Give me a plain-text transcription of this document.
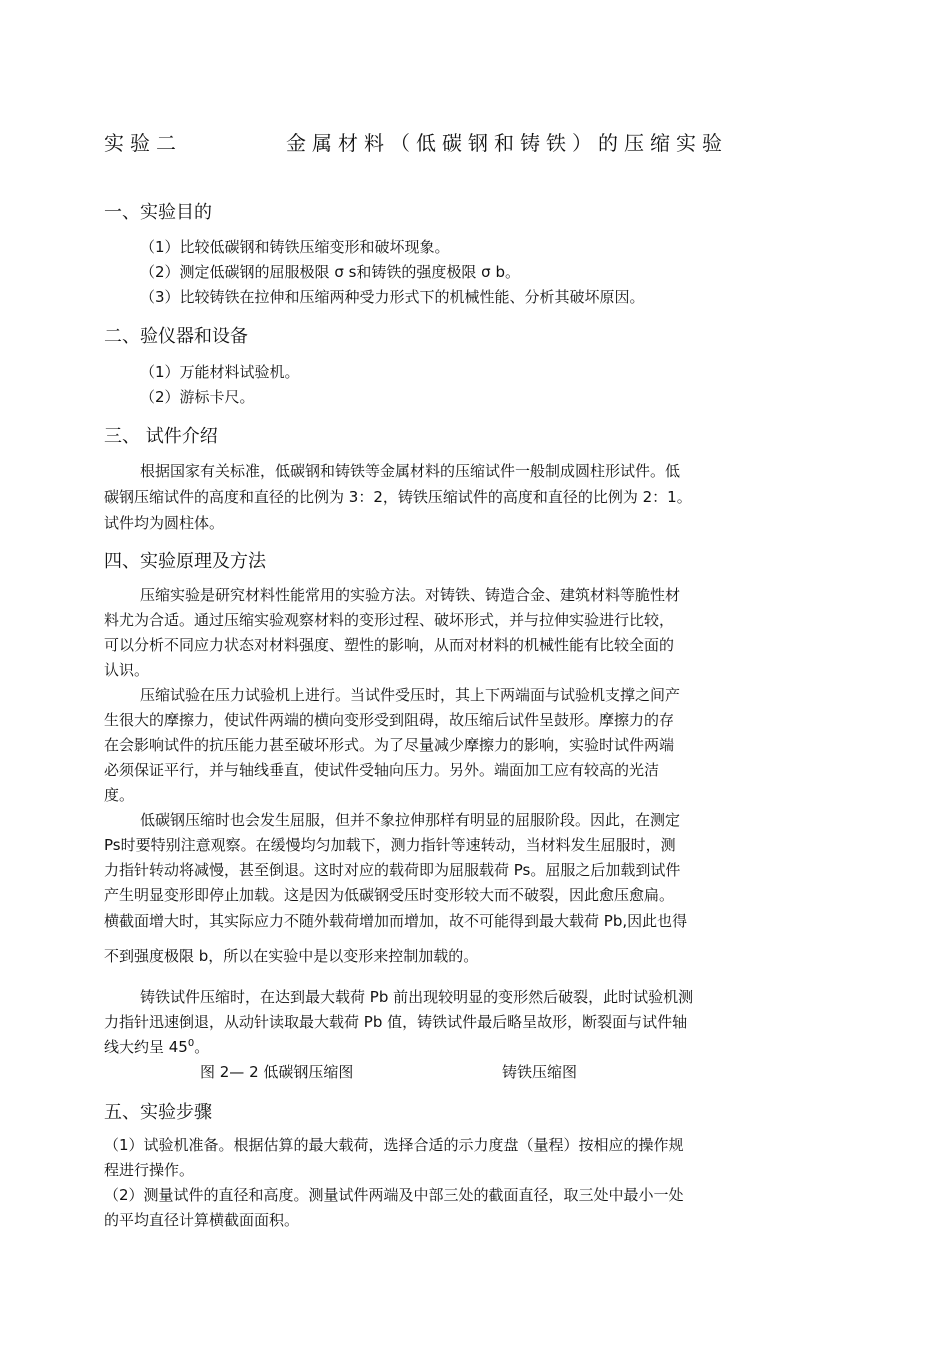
实验二	金属材料（低碳钢和铸铁）的压缩实验
一、实验目的
（1）比较低碳钢和铸铁压缩变形和破坏现象。
（2）测定低碳钢的屈服极限 σ s和铸铁的强度极限 σ b。
（3）比较铸铁在拉伸和压缩两种受力形式下的机械性能、分析其破坏原因。
二、验仪器和设备
（1）万能材料试验机。
（2）游标卡尺。
三、 试件介绍
根据国家有关标准，低碳钢和铸铁等金属材料的压缩试件一般制成圆柱形试件。低
碳钢压缩试件的高度和直径的比例为 3：2，铸铁压缩试件的高度和直径的比例为 2：1。
试件均为圆柱体。
四、实验原理及方法
压缩实验是研究材料性能常用的实验方法。对铸铁、铸造合金、建筑材料等脆性材
料尤为合适。通过压缩实验观察材料的变形过程、破坏形式，并与拉伸实验进行比较，
可以分析不同应力状态对材料强度、塑性的影响，从而对材料的机械性能有比较全面的
认识。
压缩试验在压力试验机上进行。当试件受压时，其上下两端面与试验机支撑之间产
生很大的摩擦力，使试件两端的横向变形受到阻碍，故压缩后试件呈鼓形。摩擦力的存
在会影响试件的抗压能力甚至破坏形式。为了尽量减少摩擦力的影响，实验时试件两端
必须保证平行，并与轴线垂直，使试件受轴向压力。另外。端面加工应有较高的光洁
度。
低碳钢压缩时也会发生屈服，但并不象拉伸那样有明显的屈服阶段。因此，在测定
Ps时要特别注意观察。在缓慢均匀加载下，测力指针等速转动，当材料发生屈服时，测
力指针转动将减慢，甚至倒退。这时对应的载荷即为屈服载荷 Ps。屈服之后加载到试件
产生明显变形即停止加载。这是因为低碳钢受压时变形较大而不破裂，因此愈压愈扁。
横截面增大时，其实际应力不随外载荷增加而增加，故不可能得到最大载荷 Pb,因此也得
不到强度极限 b，所以在实验中是以变形来控制加载的。
铸铁试件压缩时，在达到最大载荷 Pb 前出现较明显的变形然后破裂，此时试验机测
力指针迅速倒退，从动针读取最大载荷 Pb 值，铸铁试件最后略呈故形，断裂面与试件轴
线大约呈 $45^0$。
图 2— 2 低碳钢压缩图	铸铁压缩图
五、实验步骤
（1）试验机准备。根据估算的最大载荷，选择合适的示力度盘（量程）按相应的操作规
程进行操作。
（2）测量试件的直径和高度。测量试件两端及中部三处的截面直径，取三处中最小一处
的平均直径计算横截面面积。
